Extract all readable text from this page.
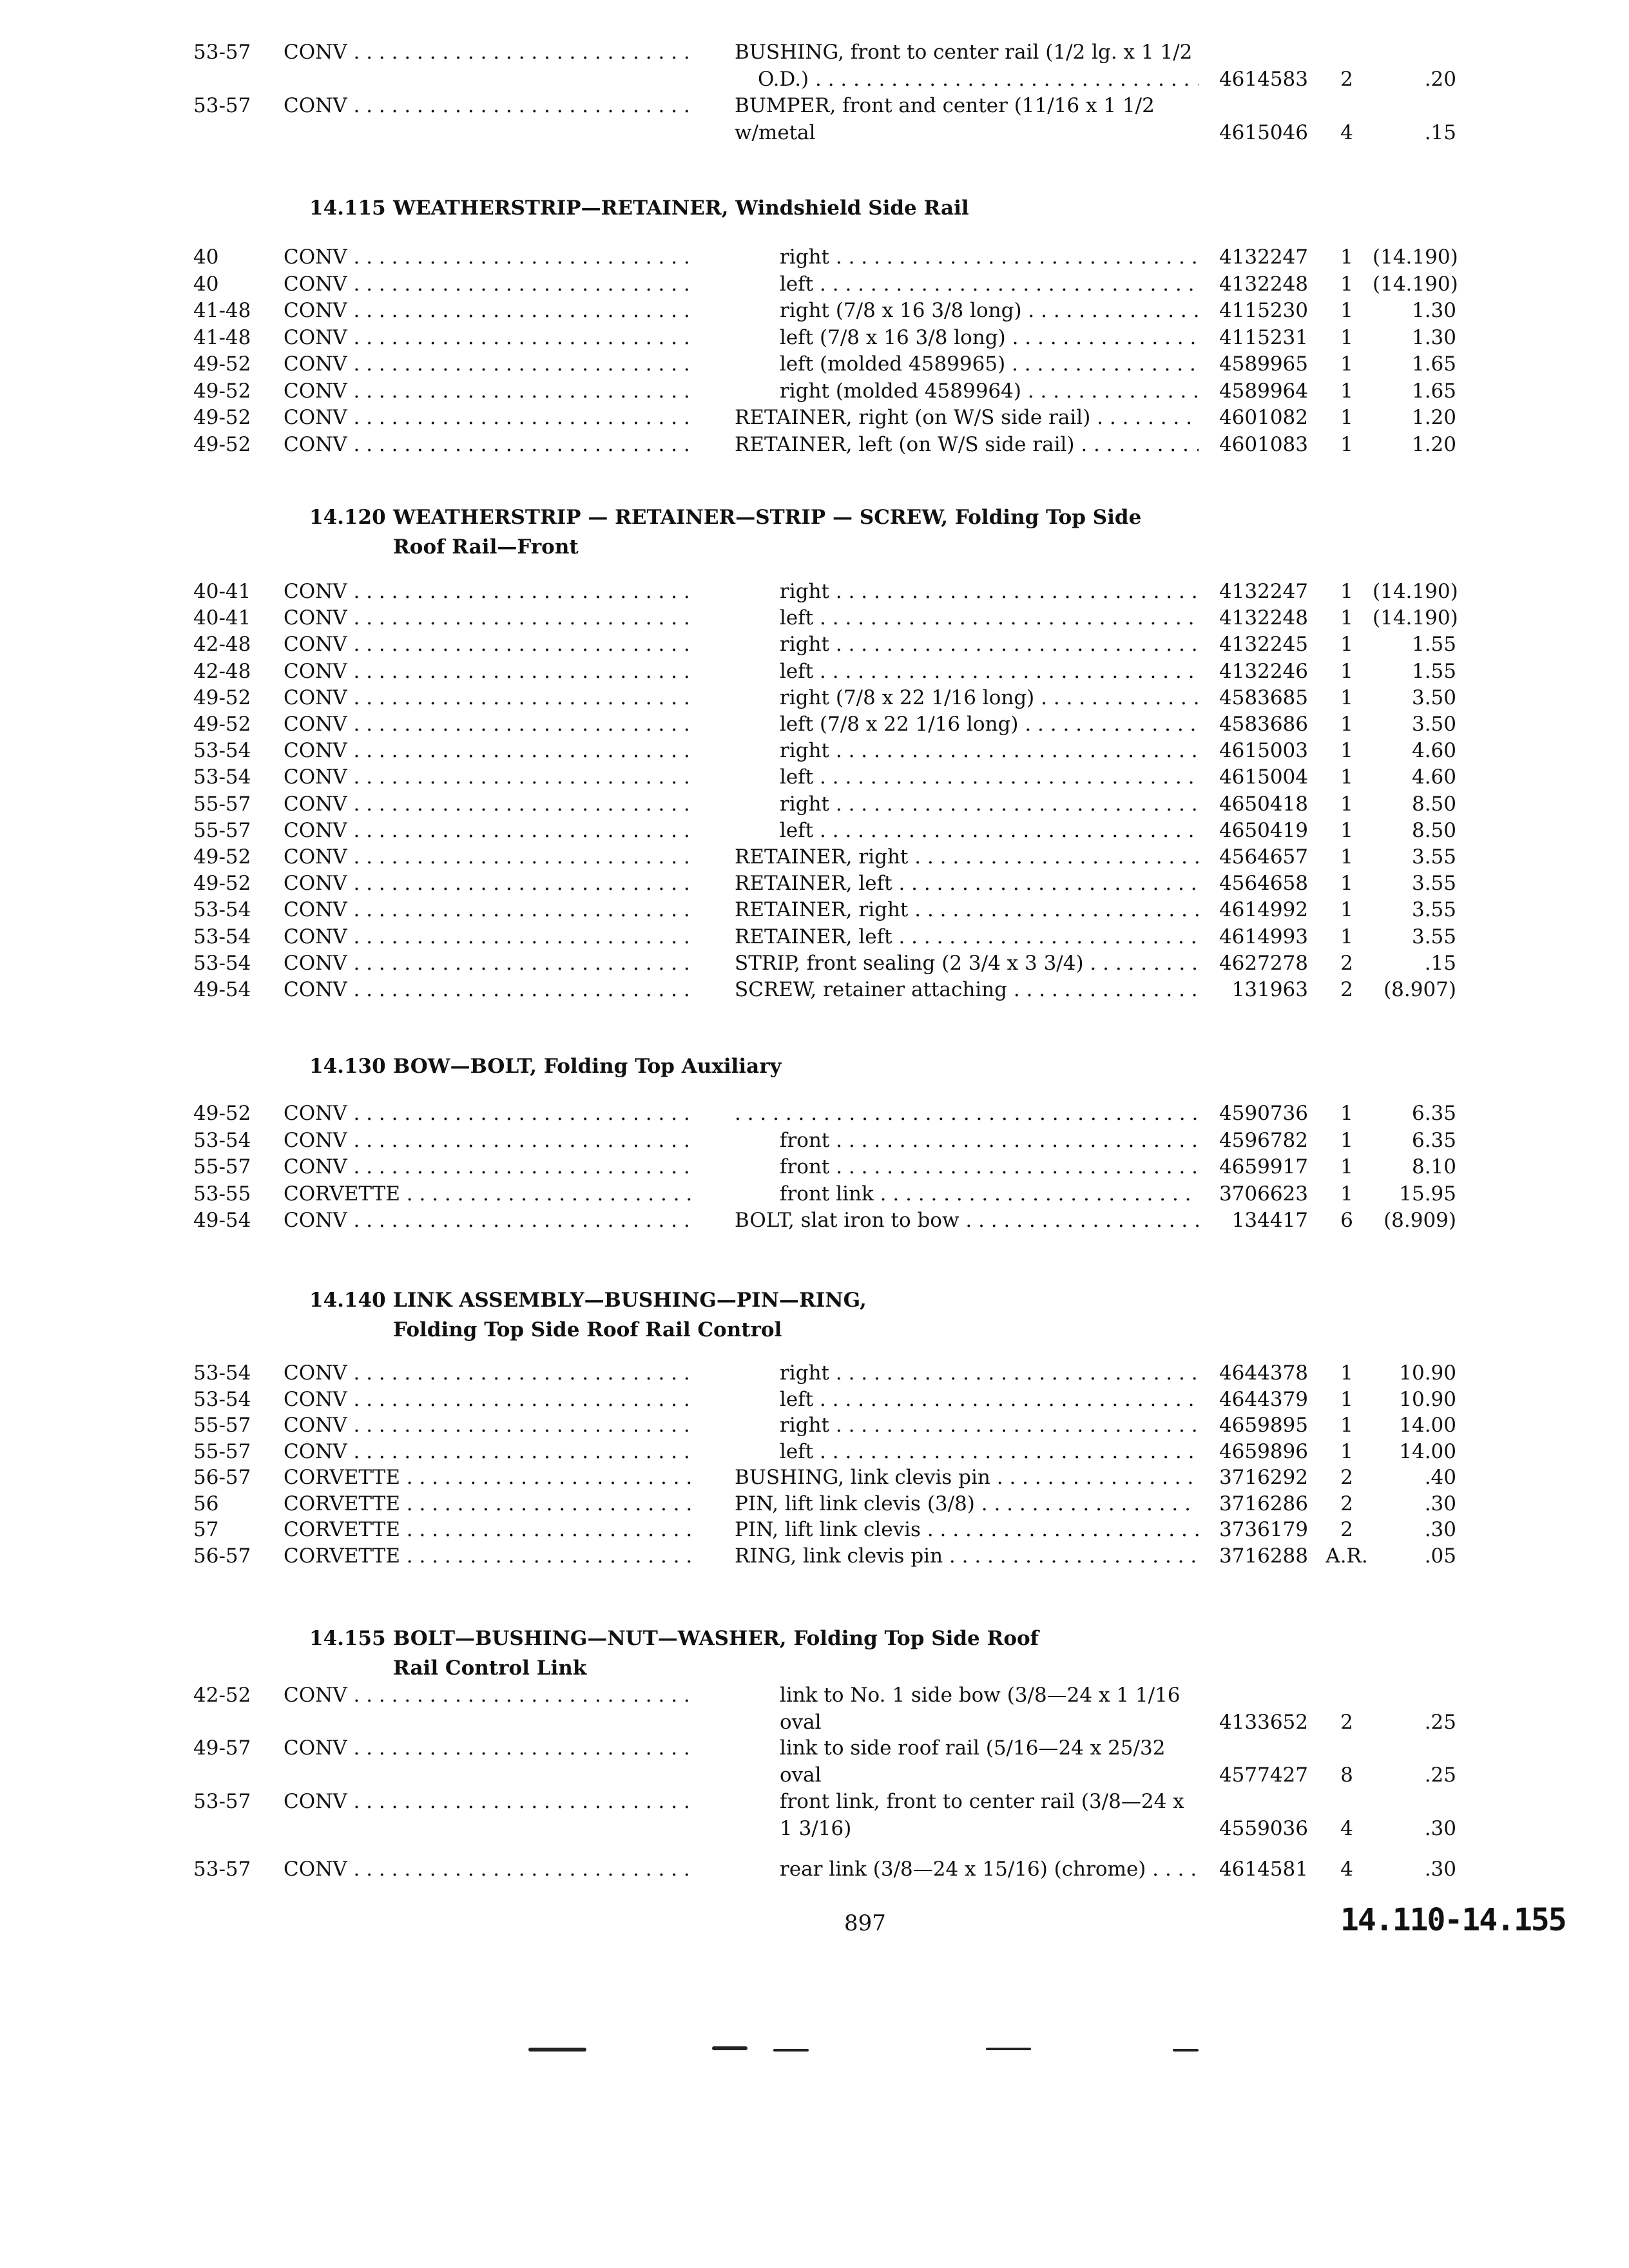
53-57 CONV . . .	BUSHING, front to center rail (1/2 lg. x 1 1/2
O.D.) . . .	4614583	2	.20
53-57 CONV . . .	BUMPER, front and center (11/16 x 1 1/2 w/metal	4615046	4	.15
14.115 WEATHERSTRIP—RETAINER, Windshield Side Rail
40	CONV . . .	right . . .	4132247	1 (14.190)
40	CONV . . .	left . . .	4132248	1 (14.190)
41-48 CONV . . .	right (7/8 x 16 3/8 long) . . .	4115230	1	1.30
41-48 CONV . . .	left (7/8 x 16 3/8 long) . . .	4115231	1	1.30
49-52 CONV . . .	left (molded 4589965) . . .	4589965	1	1.65
49-52 CONV . . .	right (molded 4589964) . . .	4589964	1	1.65
49-52 CONV . . .	RETAINER, right (on W/S side rail) . . .	4601082	1	1.20
49-52 CONV . . .	RETAINER, left (on W/S side rail) . . .	4601083	1	1.20
14.120 WEATHERSTRIP — RETAINER—STRIP — SCREW, Folding Top Side
Roof Rail—Front
40-41 CONV . . .	right . . .	4132247	1 (14.190)
40-41 CONV . . .	left . . .	4132248	1 (14.190)
42-48 CONV . . .	right . . .	4132245	1	1.55
42-48 CONV . . .	left . . .	4132246	1	1.55
49-52 CONV . . .	right (7/8 x 22 1/16 long) . . .	4583685	1	3.50
49-52 CONV . . .	left (7/8 x 22 1/16 long) . . .	4583686	1	3.50
53-54 CONV . . .	right . . .	4615003	1	4.60
53-54 CONV . . .	left . . .	4615004	1	4.60
55-57 CONV . . .	right . . .	4650418	1	8.50
55-57 CONV . . .	left . . .	4650419	1	8.50
49-52 CONV . . .	RETAINER, right . . .	4564657	1	3.55
49-52 CONV . . .	RETAINER, left . . .	4564658	1	3.55
53-54 CONV . . .	RETAINER, right . . .	4614992	1	3.55
53-54 CONV . . .	RETAINER, left . . .	4614993	1	3.55
53-54 CONV . . .	STRIP, front sealing (2 3/4 x 3 3/4) . . .	4627278	2	.15
49-54 CONV . . .	SCREW, retainer attaching . . .	131963	2	(8.907)
14.130 BOW—BOLT, Folding Top Auxiliary
49-52 CONV . . .
. . .	4590736	1	6.35
53-54 CONV . . .	front . . .	4596782	1	6.35
55-57 CONV . . .	front . . .	4659917	1	8.10
53-55 CORVETTE . . .	front link . . .	3706623	1	15.95
49-54 CONV . . .	BOLT, slat iron to bow . . .	134417	6	(8.909)
14.140 LINK ASSEMBLY—BUSHING—PIN—RING,
Folding Top Side Roof Rail Control
53-54 CONV . . .	right . . .	4644378	1	10.90
53-54 CONV . . .	left . . .	4644379	1	10.90
55-57 CONV . . .	right . . .	4659895	1	14.00
55-57 CONV . . .	left . . .	4659896	1	14.00
56-57 CORVETTE . . .	BUSHING, link clevis pin . . .	3716292	2	.40
56	CORVETTE . . .	PIN, lift link clevis (3/8) . . .	3716286	2	.30
57	CORVETTE . . .	PIN, lift link clevis . . .	3736179	2	.30
56-57 CORVETTE . . .	RING, link clevis pin . . .	3716288 A.R.	.05
14.155 BOLT—BUSHING—NUT—WASHER, Folding Top Side Roof
Rail Control Link
42-52 CONV . . .	link to No. 1 side bow (3/8—24 x 1 1/16 oval	4133652	2	.25
49-57 CONV . . .	link to side roof rail (5/16—24 x 25/32 oval	4577427	8	.25
53-57 CONV . . .	front link, front to center rail (3/8—24 x 1 3/16)	4559036	4	.30
53-57 CONV . . .	rear link (3/8—24 x 15/16) (chrome) . . .	4614581	4	.30
897	14.110-14.155
